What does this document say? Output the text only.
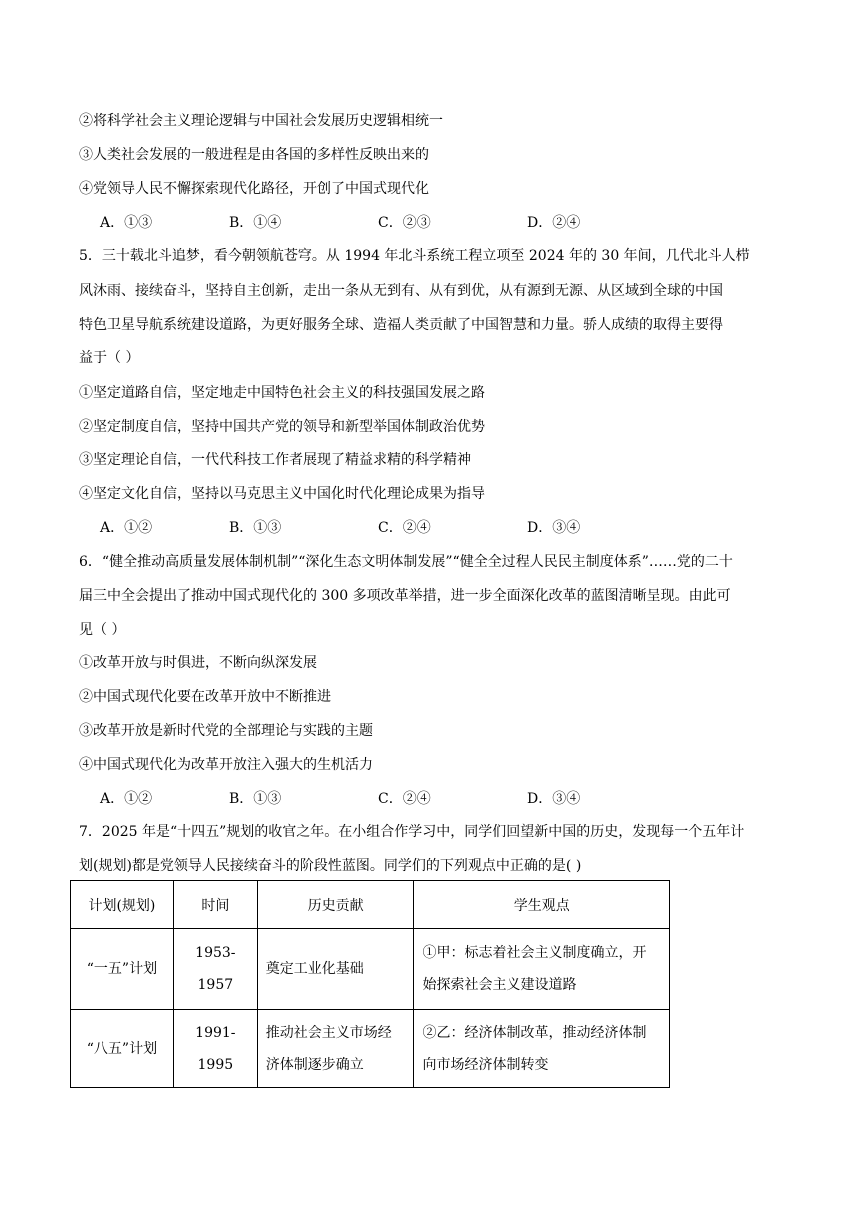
②将科学社会主义理论逻辑与中国社会发展历史逻辑相统一
③人类社会发展的一般进程是由各国的多样性反映出来的
④党领导人民不懈探索现代化路径，开创了中国式现代化
A．①③	B．①④	C．②③	D．②④
5．三十载北斗追梦，看今朝领航苍穹。从 1994 年北斗系统工程立项至 2024 年的 30 年间，几代北斗人栉
风沐雨、接续奋斗，坚持自主创新，走出一条从无到有、从有到优，从有源到无源、从区域到全球的中国
特色卫星导航系统建设道路，为更好服务全球、造福人类贡献了中国智慧和力量。骄人成绩的取得主要得
益于（ ）
①坚定道路自信，坚定地走中国特色社会主义的科技强国发展之路
②坚定制度自信，坚持中国共产党的领导和新型举国体制政治优势
③坚定理论自信，一代代科技工作者展现了精益求精的科学精神
④坚定文化自信，坚持以马克思主义中国化时代化理论成果为指导
A．①②	B．①③	C．②④	D．③④
6．“健全推动高质量发展体制机制”“深化生态文明体制发展”“健全全过程人民民主制度体系”……党的二十
届三中全会提出了推动中国式现代化的 300 多项改革举措，进一步全面深化改革的蓝图清晰呈现。由此可
见（ ）
①改革开放与时俱进，不断向纵深发展
②中国式现代化要在改革开放中不断推进
③改革开放是新时代党的全部理论与实践的主题
④中国式现代化为改革开放注入强大的生机活力
A．①②	B．①③	C．②④	D．③④
7．2025 年是“十四五”规划的收官之年。在小组合作学习中，同学们回望新中国的历史，发现每一个五年计
划(规划)都是党领导人民接续奋斗的阶段性蓝图。同学们的下列观点中正确的是( )
计划(规划)	时间	历史贡献	学生观点
“一五”计划	1953-1957	奠定工业化基础	①甲：标志着社会主义制度确立，开
始探索社会主义建设道路
“八五”计划	1991-1995	推动社会主义市场经
济体制逐步确立	②乙：经济体制改革，推动经济体制
向市场经济体制转变
